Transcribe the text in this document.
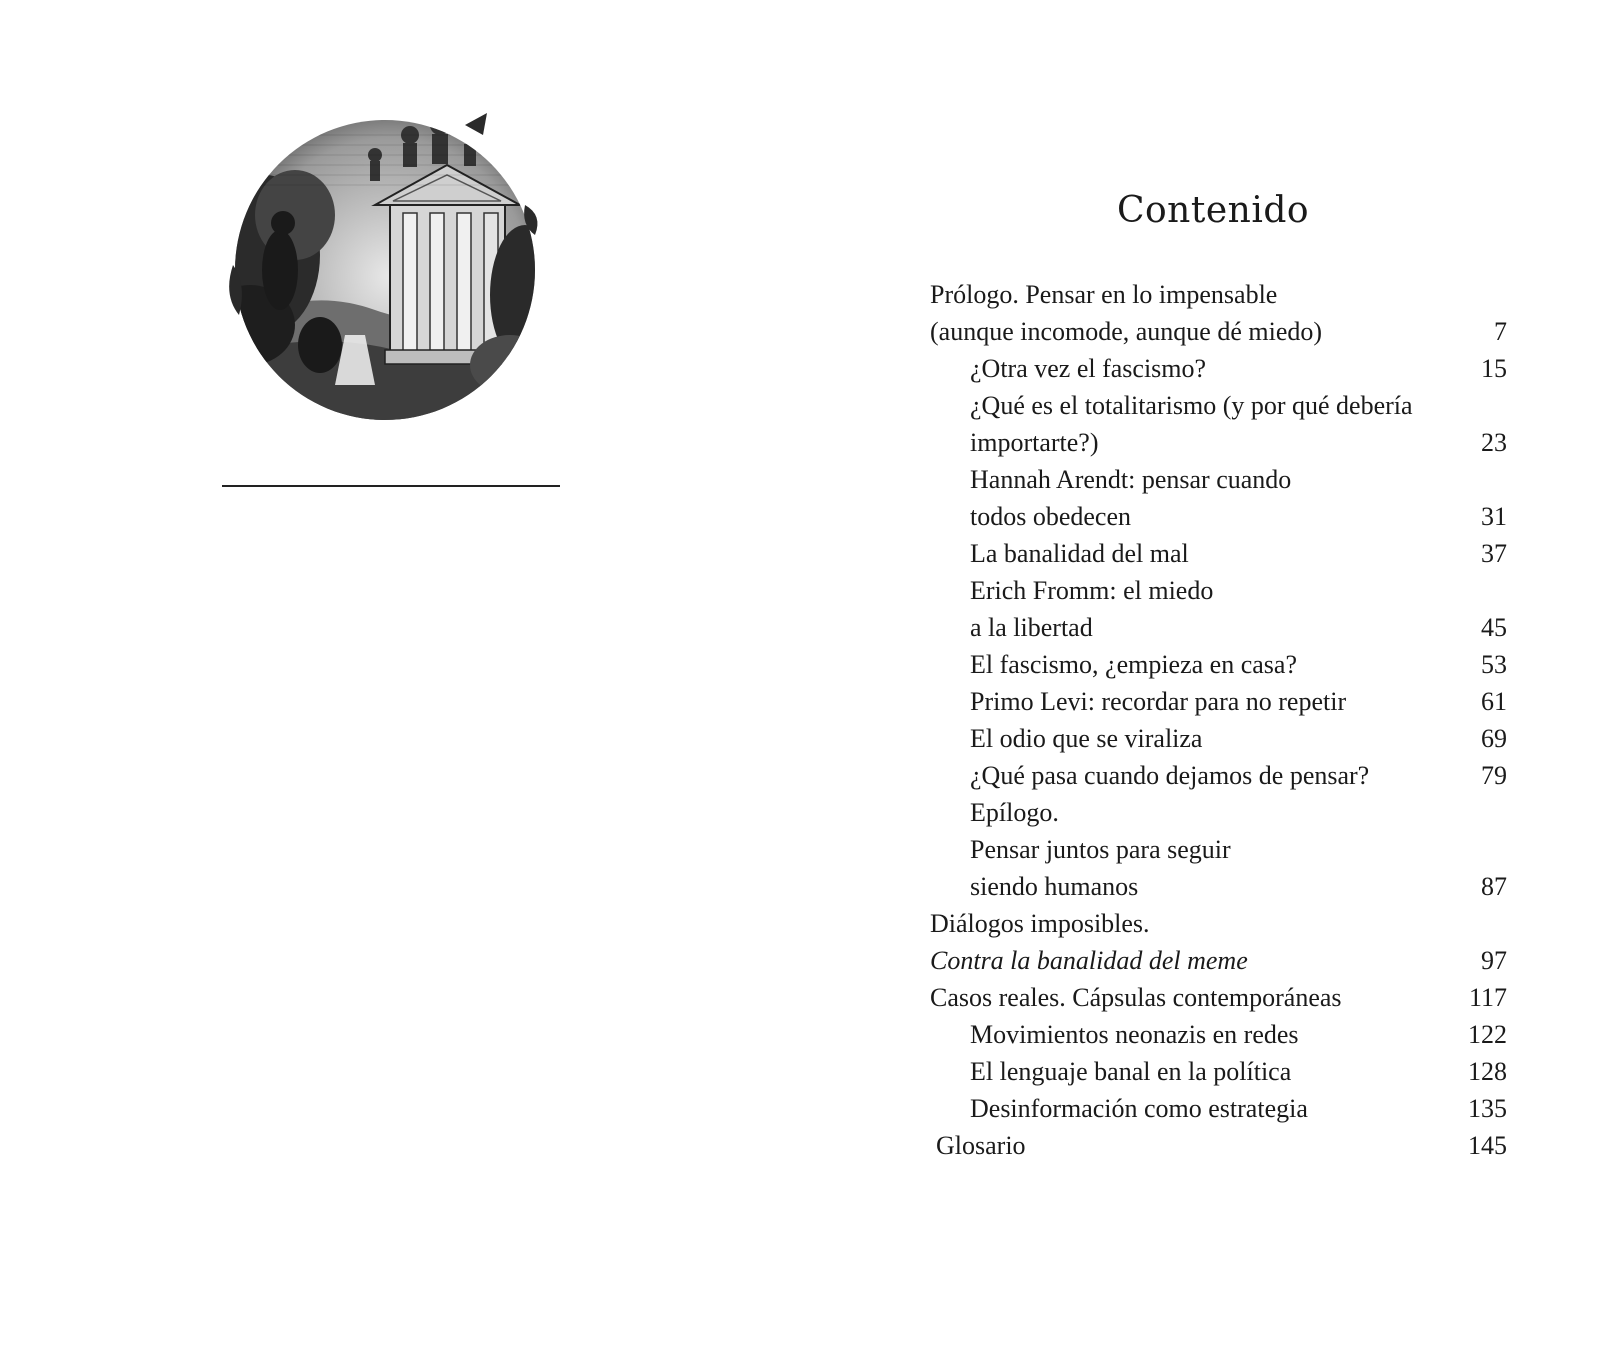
Contenido
Prólogo. Pensar en lo impensable
(aunque incomode, aunque dé miedo)	7
¿Otra vez el fascismo?	15
¿Qué es el totalitarismo (y por qué debería
importarte?)	23
Hannah Arendt: pensar cuando
todos obedecen	31
La banalidad del mal	37
Erich Fromm: el miedo
a la libertad	45
El fascismo, ¿empieza en casa?	53
Primo Levi: recordar para no repetir	61
El odio que se viraliza	69
¿Qué pasa cuando dejamos de pensar?	79
Epílogo.
Pensar juntos para seguir
siendo humanos	87
Diálogos imposibles.
Contra la banalidad del meme	97
Casos reales. Cápsulas contemporáneas	117
Movimientos neonazis en redes	122
El lenguaje banal en la política	128
Desinformación como estrategia	135
Glosario	145
